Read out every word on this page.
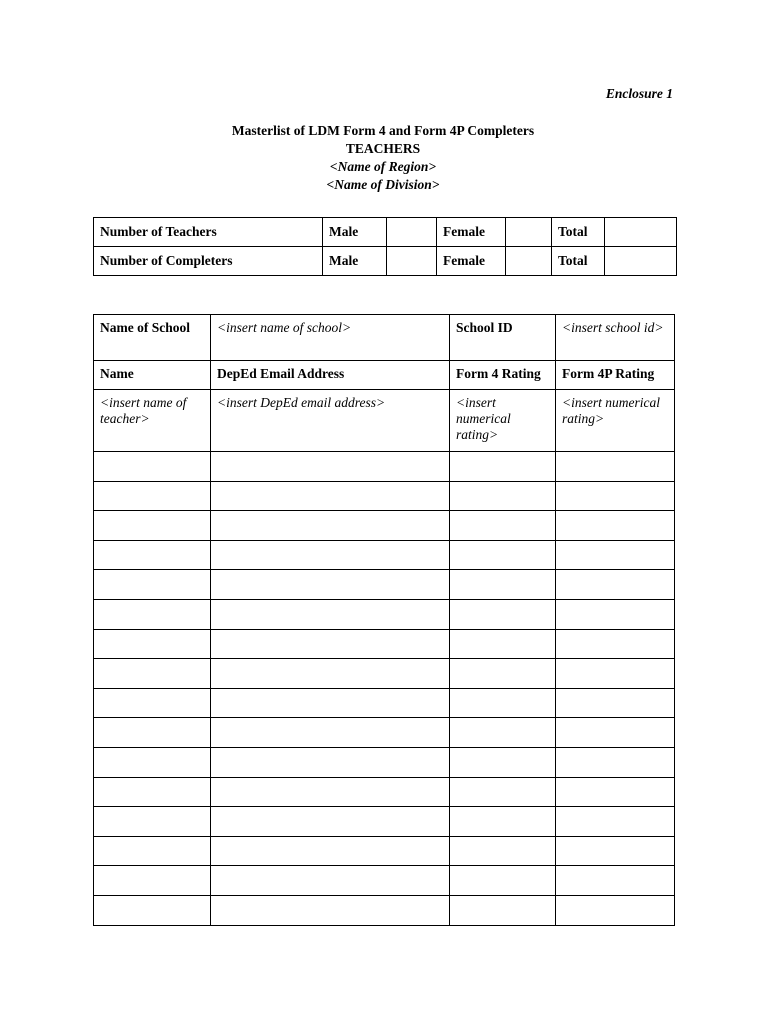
Enclosure 1
Masterlist of LDM Form 4 and Form 4P Completers
TEACHERS
<Name of Region>
<Name of Division>
Number of Teachers	Male		Female		Total	
Number of Completers	Male		Female		Total	
Name of School	<insert name of school>	School ID	<insert school id>
Name	DepEd Email Address	Form 4 Rating	Form 4P Rating
<insert name of teacher>	<insert DepEd email address>	<insert numerical rating>	<insert numerical rating>
